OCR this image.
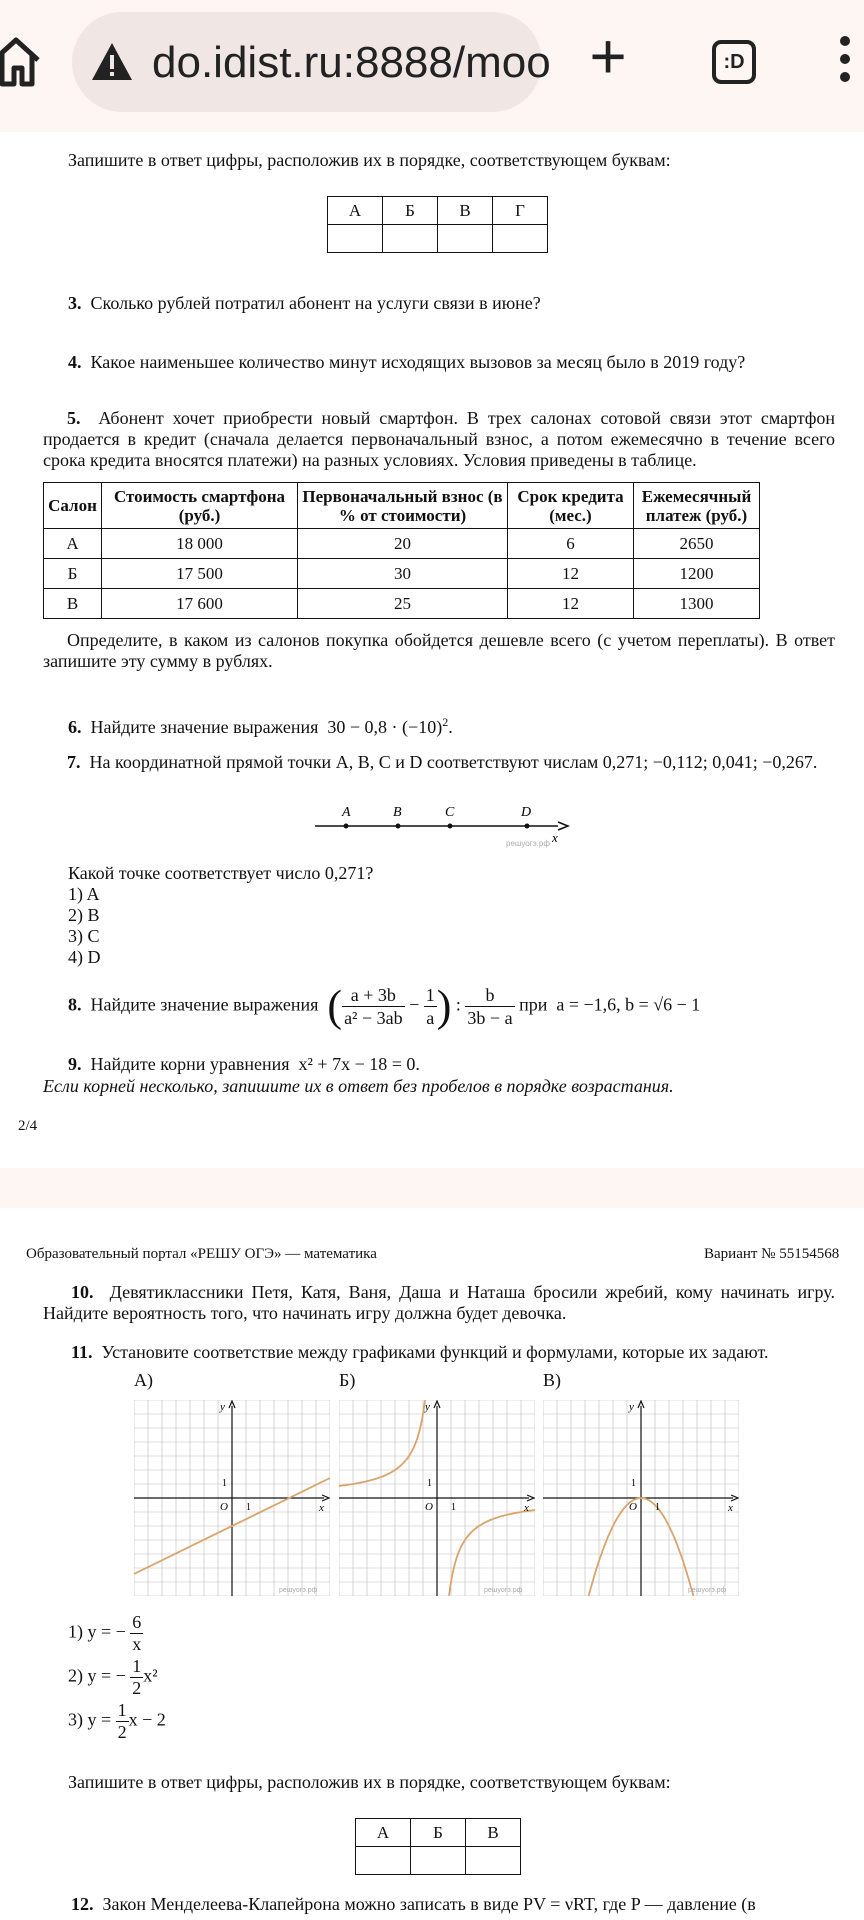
do.idist.ru:8888/moo +	:D
Запишите в ответ цифры, расположив их в порядке, соответствующем буквам:
А	Б	В	Г

3. Сколько рублей потратил абонент на услуги связи в июне?
4. Какое наименьшее количество минут исходящих вызовов за месяц было в 2019 году?
5. Абонент хочет приобрести новый смартфон. В трех салонах сотовой связи этот смартфон продается в кредит (сначала делается первоначальный взнос, а потом ежемесячно в течение всего срока кредита вносятся платежи) на разных условиях. Условия приведены в таблице.
Салон	Стоимость смартфона (руб.)	Первоначальный взнос (в % от стоимости)	Срок кредита (мес.)	Ежемесячный платеж (руб.)
А	18 000	20	6	2650
Б	17 500	30	12	1200
В	17 600	25	12	1300
Определите, в каком из салонов покупка обойдется дешевле всего (с учетом переплаты). В ответ запишите эту сумму в рублях.
6. Найдите значение выражения $30 - 0,8 \cdot (-10)^2$.
7. На координатной прямой точки A, B, C и D соответствуют числам 0,271; −0,112; 0,041; −0,267.
A	B	C	D
x
решуогэ.рф
Какой точке соответствует число 0,271?
1) A
2) B
3) C
4) D
8. Найдите значение выражения ( $\frac{a + 3b}{\text{a² − 3ab}} - \frac{1}{a}$ ) : $\frac{b}{3b - a}$ при a = −1,6, b = √6 − 1
9. Найдите корни уравнения x² + 7x − 18 = 0.
Если корней несколько, запишите их в ответ без пробелов в порядке возрастания.
2/4
Образовательный портал «РЕШУ ОГЭ» — математика	Вариант № 55154568
10. Девятиклассники Петя, Катя, Ваня, Даша и Наташа бросили жребий, кому начинать игру. Найдите вероятность того, что начинать игру должна будет девочка.
11. Установите соответствие между графиками функций и формулами, которые их задают.
А)	Б)	В)
y
x
O
1
1
решуогэ.рф
y
x
O
1
1
решуогэ.рф
y
x
O
1
1
решуогэ.рф
1) y = − $\frac{6}{x}$
2) y = − $\frac{1}{2} x^2$
3) $y = \frac{1}{2}$ x − 2
Запишите в ответ цифры, расположив их в порядке, соответствующем буквам:
А	Б	В

12. Закон Менделеева-Клапейрона можно записать в виде PV = νRT, где P — давление (в
